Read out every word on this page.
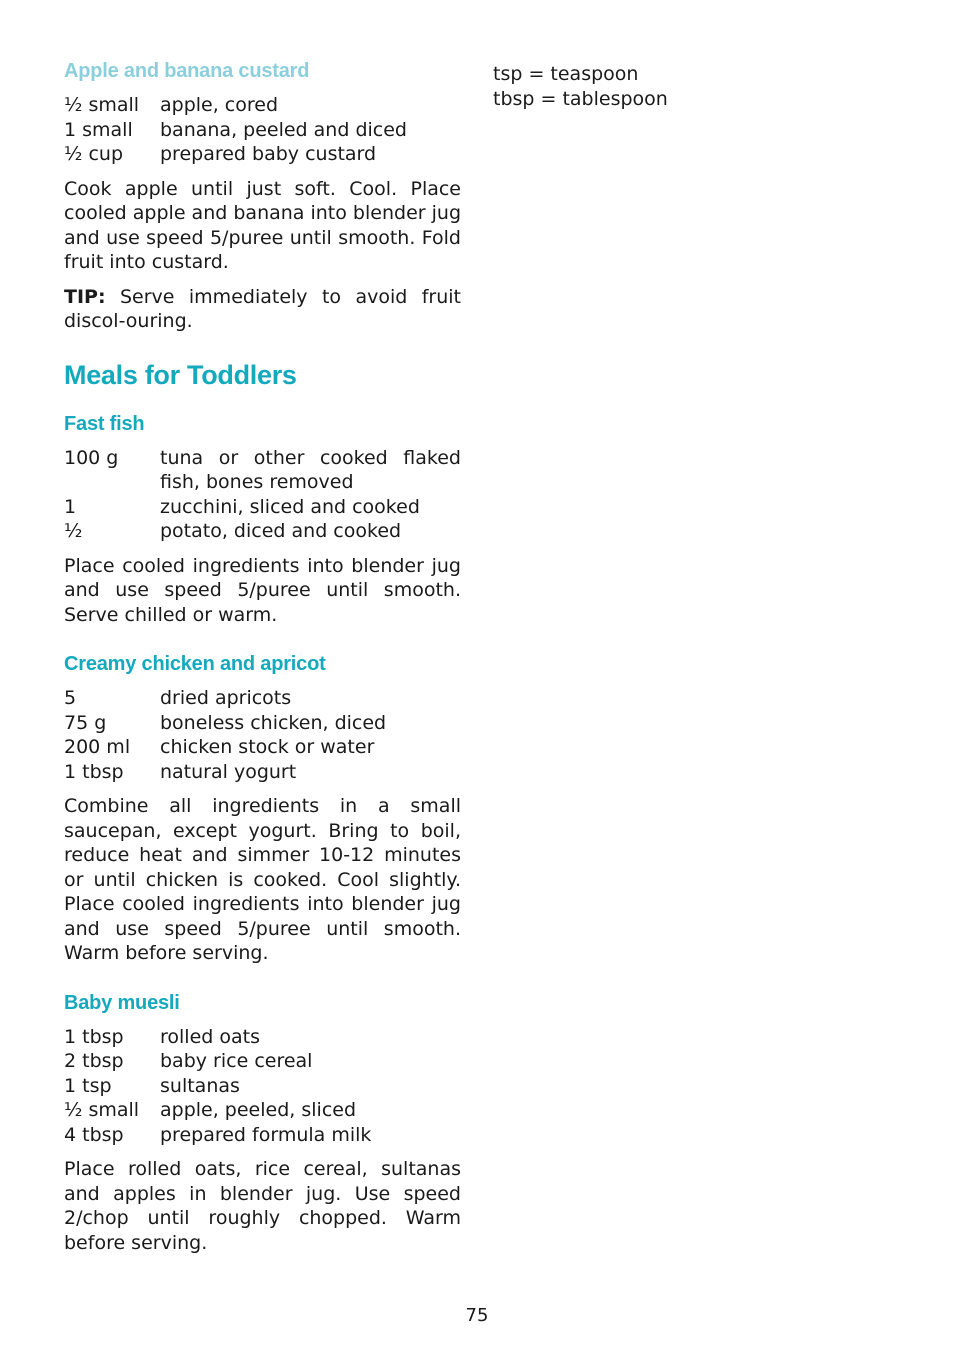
Apple and banana custard
½ small	apple, cored
1 small	banana, peeled and diced
½ cup	prepared baby custard

Cook apple until just soft. Cool. Place cooled apple and banana into blender jug and use speed 5/puree until smooth. Fold fruit into custard.

TIP: Serve immediately to avoid fruit discol-ouring.

Meals for Toddlers
Fast fish
100 g	tuna or other cooked flaked fish, bones removed
1	zucchini, sliced and cooked
½	potato, diced and cooked

Place cooled ingredients into blender jug and use speed 5/puree until smooth. Serve chilled or warm.

Creamy chicken and apricot
5	dried apricots
75 g	boneless chicken, diced
200 ml	chicken stock or water
1 tbsp	natural yogurt

Combine all ingredients in a small saucepan, except yogurt. Bring to boil, reduce heat and simmer 10-12 minutes or until chicken is cooked. Cool slightly. Place cooled ingredients into blender jug and use speed 5/puree until smooth. Warm before serving.

Baby muesli
1 tbsp	rolled oats
2 tbsp	baby rice cereal
1 tsp	sultanas
½ small	apple, peeled, sliced
4 tbsp	prepared formula milk

Place rolled oats, rice cereal, sultanas and apples in blender jug. Use speed 2/chop until roughly chopped. Warm before serving.

tsp = teaspoon
tbsp = tablespoon
75
